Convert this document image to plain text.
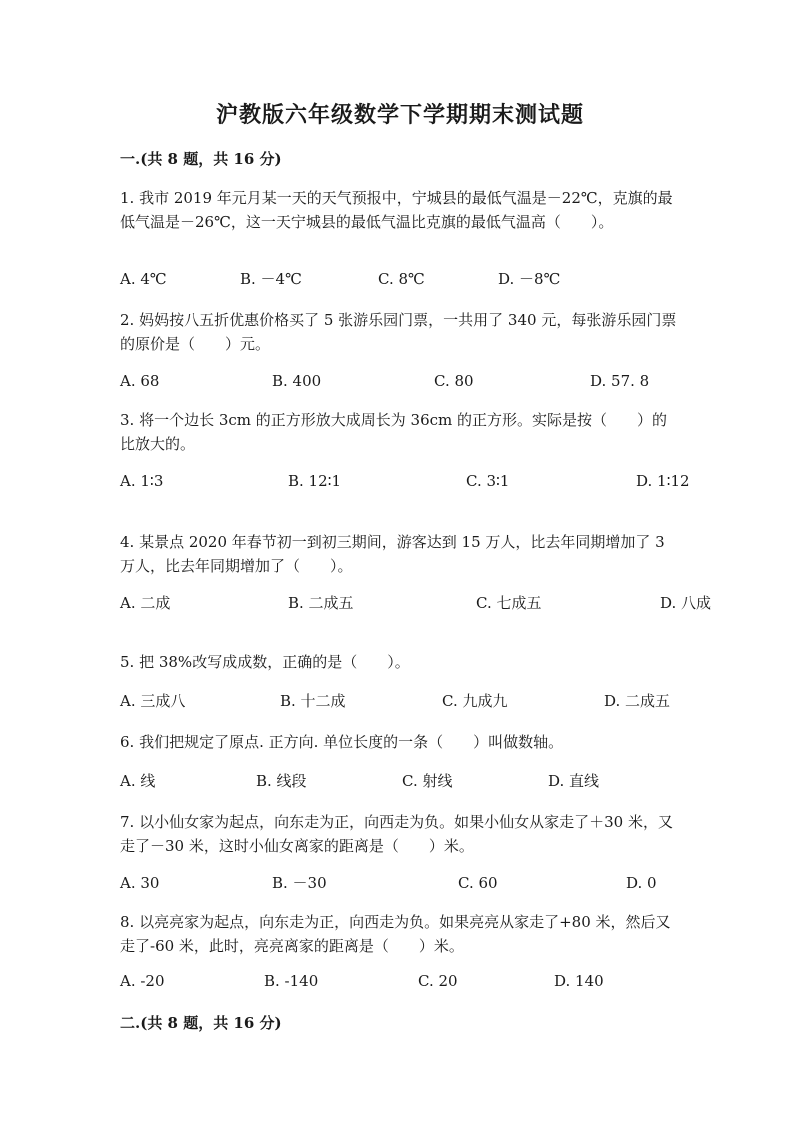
沪教版六年级数学下学期期末测试题
一.(共 8 题，共 16 分)
1. 我市 2019 年元月某一天的天气预报中，宁城县的最低气温是－22℃，克旗的最低气温是－26℃，这一天宁城县的最低气温比克旗的最低气温高（　　）。
A. 4℃	B. －4℃	C. 8℃	D. －8℃
2. 妈妈按八五折优惠价格买了 5 张游乐园门票，一共用了 340 元，每张游乐园门票的原价是（　　）元。
A. 68	B. 400	C. 80	D. 57. 8
3. 将一个边长 3cm 的正方形放大成周长为 36cm 的正方形。实际是按（　　）的比放大的。
A. 1∶3	B. 12∶1	C. 3∶1	D. 1∶12
4. 某景点 2020 年春节初一到初三期间，游客达到 15 万人，比去年同期增加了 3 万人，比去年同期增加了（　　）。
A. 二成	B. 二成五	C. 七成五	D. 八成
5. 把 38%改写成成数，正确的是（　　）。
A. 三成八	B. 十二成	C. 九成九	D. 二成五
6. 我们把规定了原点. 正方向. 单位长度的一条（　　）叫做数轴。
A. 线	B. 线段	C. 射线	D. 直线
7. 以小仙女家为起点，向东走为正，向西走为负。如果小仙女从家走了＋30 米，又走了－30 米，这时小仙女离家的距离是（　　）米。
A. 30	B. －30	C. 60	D. 0
8. 以亮亮家为起点，向东走为正，向西走为负。如果亮亮从家走了+80 米，然后又走了-60 米，此时，亮亮离家的距离是（　　）米。
A. -20	B. -140	C. 20	D. 140
二.(共 8 题，共 16 分)
